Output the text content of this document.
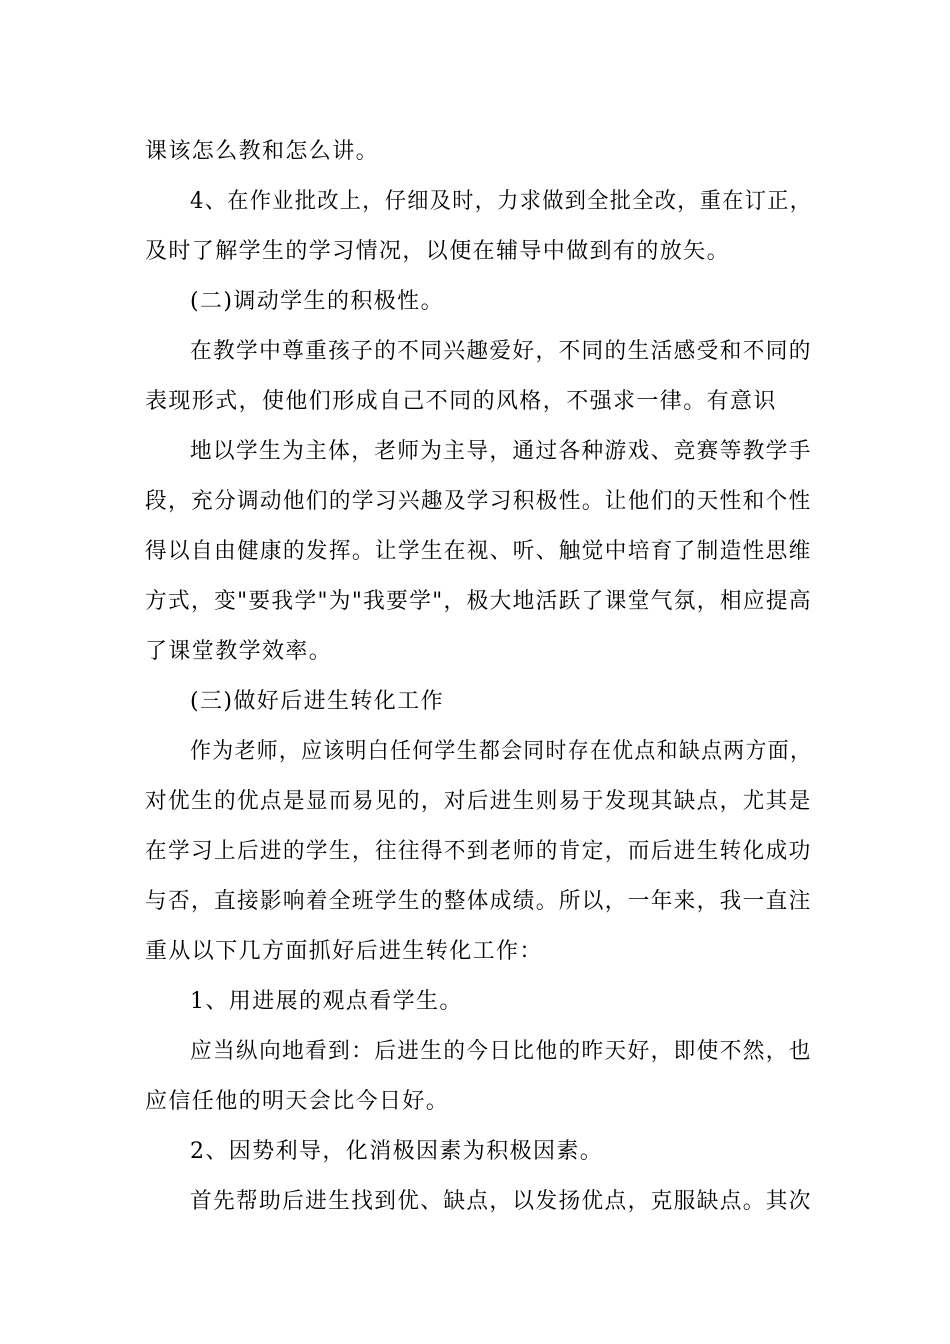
课该怎么教和怎么讲。
4、在作业批改上，仔细及时，力求做到全批全改，重在订正，
及时了解学生的学习情况，以便在辅导中做到有的放矢。
(二)调动学生的积极性。
在教学中尊重孩子的不同兴趣爱好，不同的生活感受和不同的
表现形式，使他们形成自己不同的风格，不强求一律。有意识
地以学生为主体，老师为主导，通过各种游戏、竞赛等教学手
段，充分调动他们的学习兴趣及学习积极性。让他们的天性和个性
得以自由健康的发挥。让学生在视、听、触觉中培育了制造性思维
方式，变"要我学"为"我要学"，极大地活跃了课堂气氛，相应提高
了课堂教学效率。
(三)做好后进生转化工作
作为老师，应该明白任何学生都会同时存在优点和缺点两方面，
对优生的优点是显而易见的，对后进生则易于发现其缺点，尤其是
在学习上后进的学生，往往得不到老师的肯定，而后进生转化成功
与否，直接影响着全班学生的整体成绩。所以，一年来，我一直注
重从以下几方面抓好后进生转化工作：
1、用进展的观点看学生。
应当纵向地看到：后进生的今日比他的昨天好，即使不然，也
应信任他的明天会比今日好。
2、因势利导，化消极因素为积极因素。
首先帮助后进生找到优、缺点，以发扬优点，克服缺点。其次
